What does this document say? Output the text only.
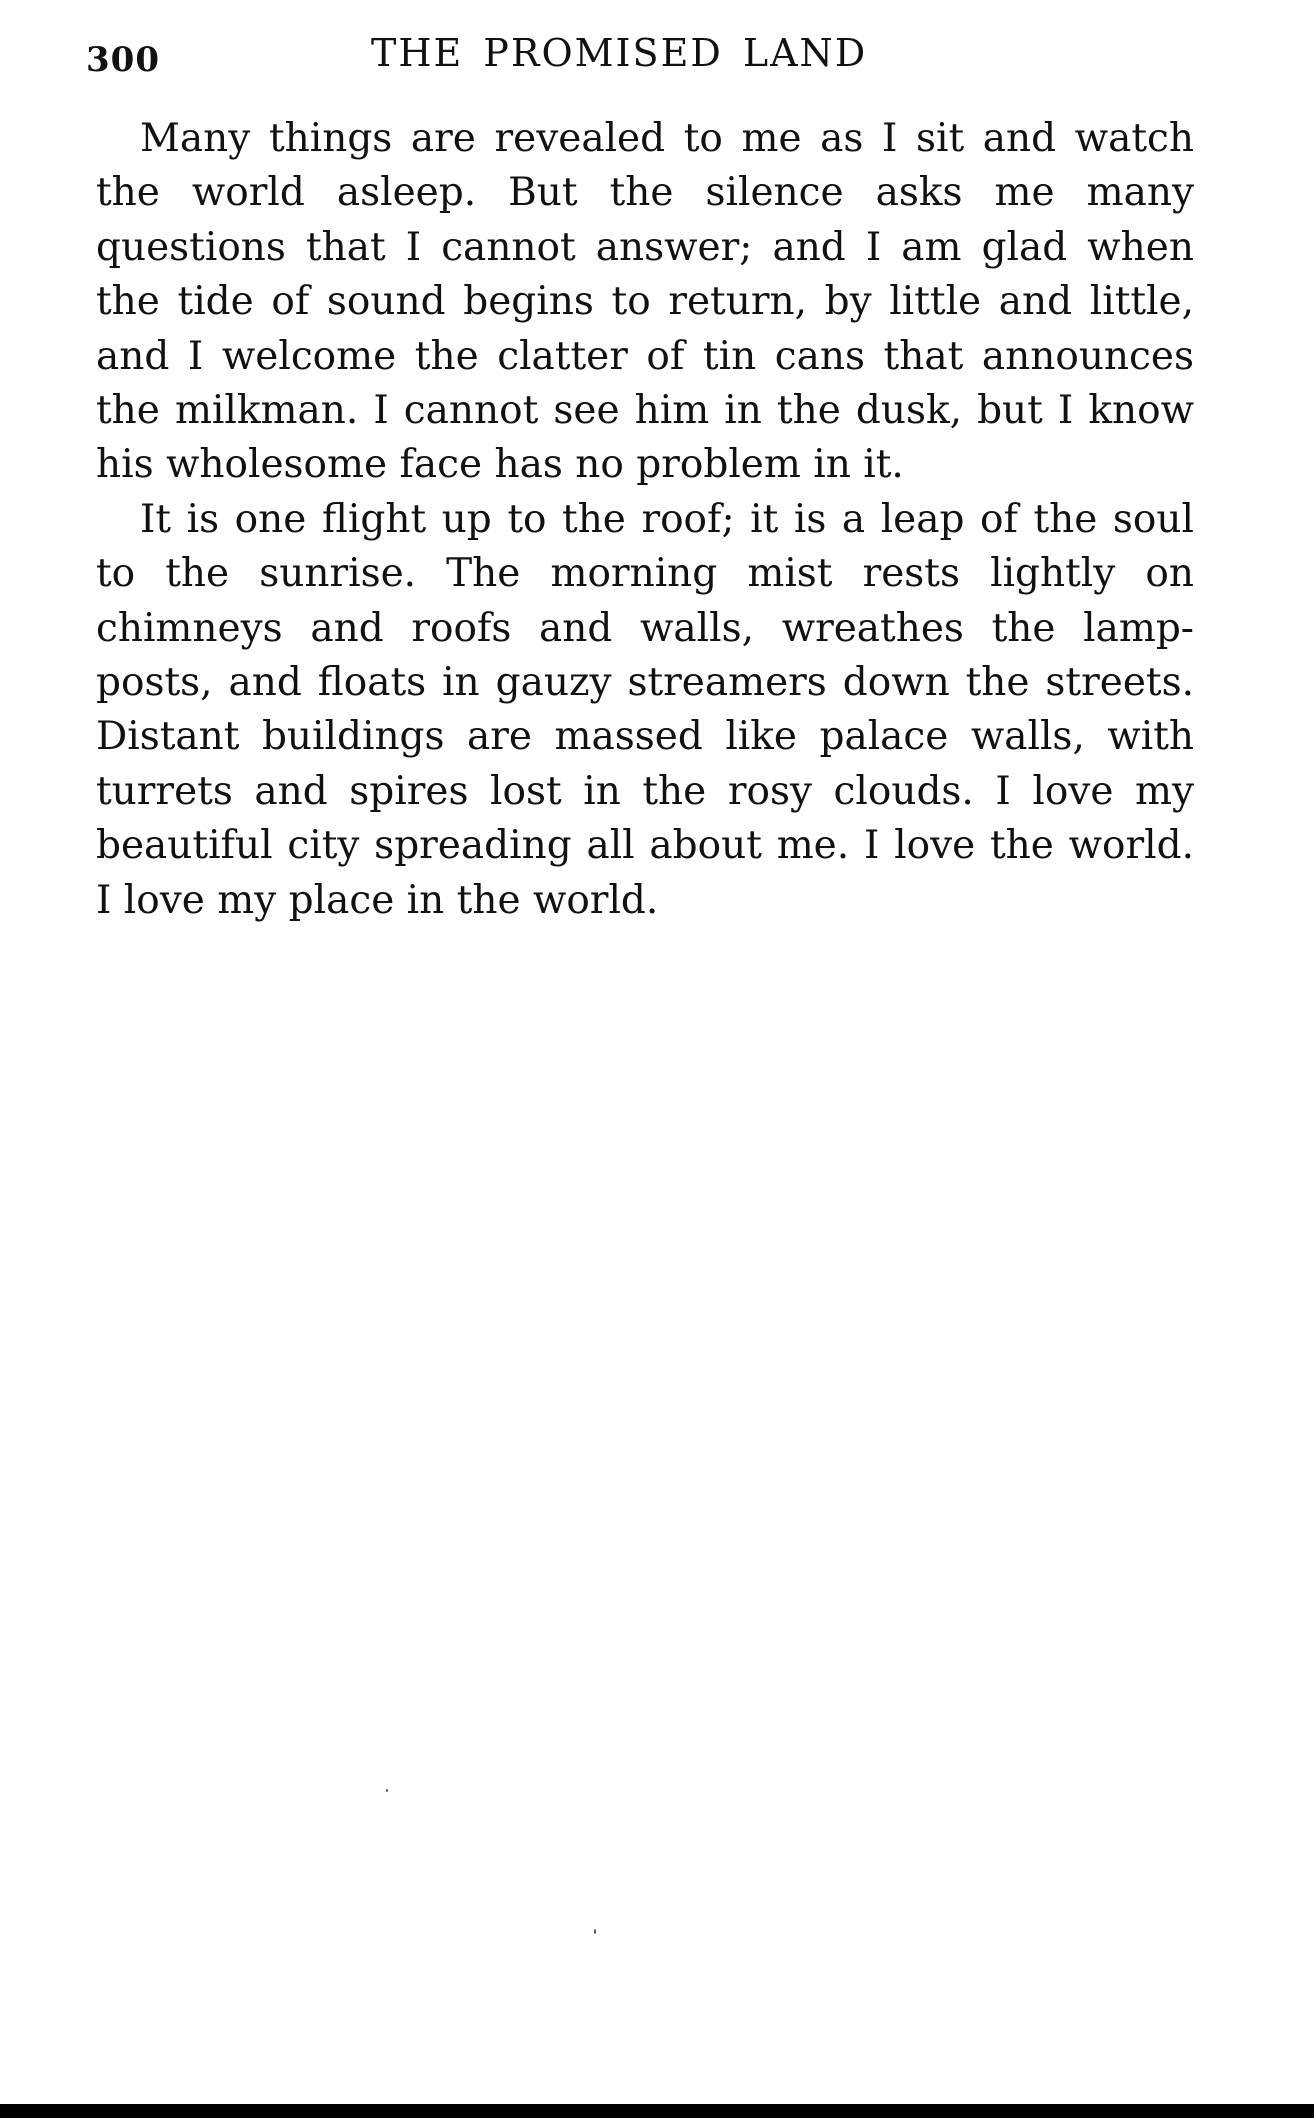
300	THE PROMISED LAND

Many things are revealed to me as I sit and watch the world asleep. But the silence asks me many questions that I cannot answer; and I am glad when the tide of sound begins to return, by little and little, and I welcome the clatter of tin cans that announces the milkman. I cannot see him in the dusk, but I know his wholesome face has no problem in it.

It is one flight up to the roof; it is a leap of the soul to the sunrise. The morning mist rests lightly on chimneys and roofs and walls, wreathes the lamp-posts, and floats in gauzy streamers down the streets. Distant buildings are massed like palace walls, with turrets and spires lost in the rosy clouds. I love my beautiful city spreading all about me. I love the world. I love my place in the world.
